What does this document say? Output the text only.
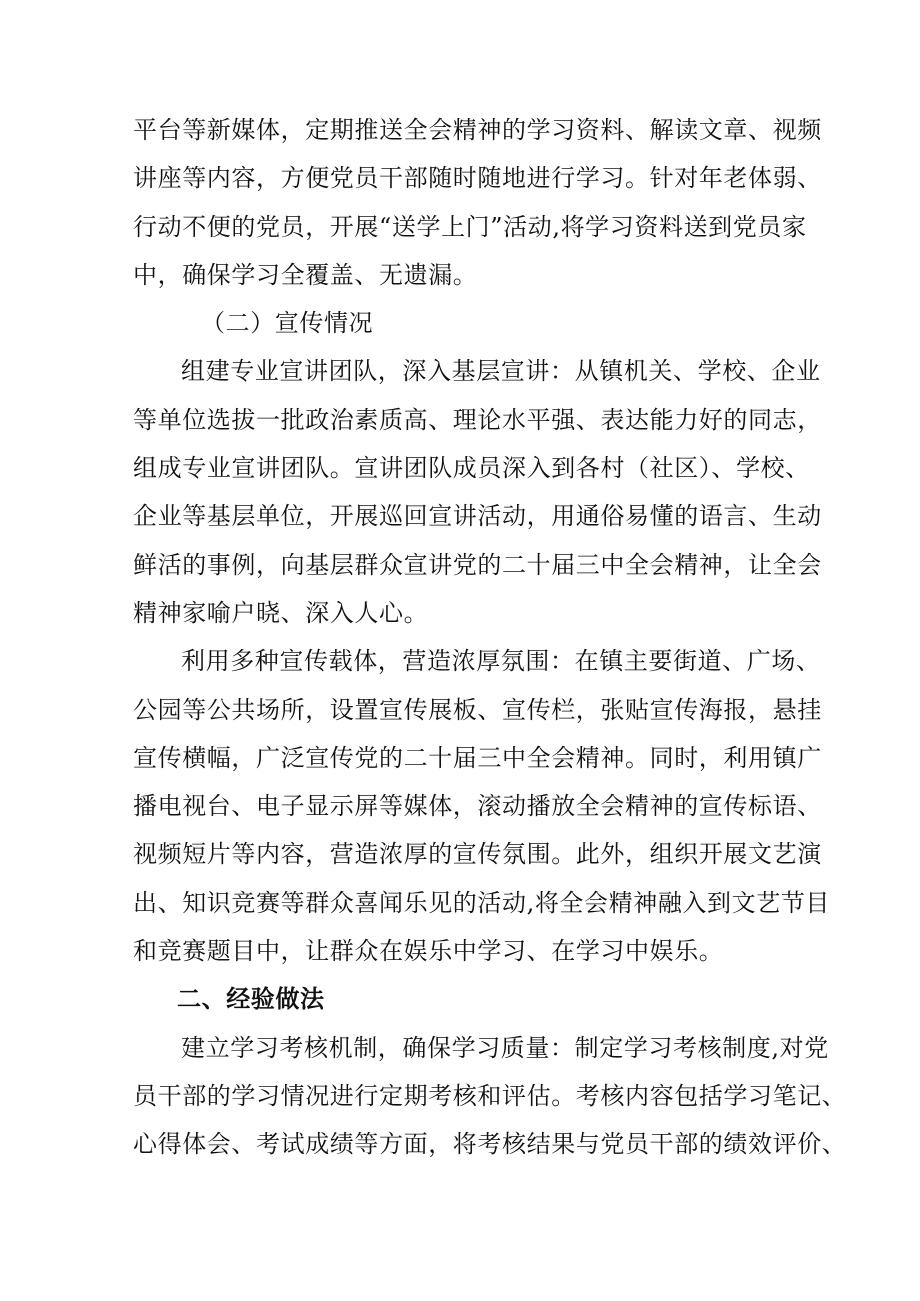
平台等新媒体，定期推送全会精神的学习资料、解读文章、视频
讲座等内容，方便党员干部随时随地进行学习。针对年老体弱、
行动不便的党员，开展“送学上门”活动,将学习资料送到党员家
中，确保学习全覆盖、无遗漏。
（二）宣传情况
组建专业宣讲团队，深入基层宣讲：从镇机关、学校、企业
等单位选拔一批政治素质高、理论水平强、表达能力好的同志，
组成专业宣讲团队。宣讲团队成员深入到各村（社区）、学校、
企业等基层单位，开展巡回宣讲活动，用通俗易懂的语言、生动
鲜活的事例，向基层群众宣讲党的二十届三中全会精神，让全会
精神家喻户晓、深入人心。
利用多种宣传载体，营造浓厚氛围：在镇主要街道、广场、
公园等公共场所，设置宣传展板、宣传栏，张贴宣传海报，悬挂
宣传横幅，广泛宣传党的二十届三中全会精神。同时，利用镇广
播电视台、电子显示屏等媒体，滚动播放全会精神的宣传标语、
视频短片等内容，营造浓厚的宣传氛围。此外，组织开展文艺演
出、知识竞赛等群众喜闻乐见的活动,将全会精神融入到文艺节目
和竞赛题目中，让群众在娱乐中学习、在学习中娱乐。
二、经验做法
建立学习考核机制，确保学习质量：制定学习考核制度,对党
员干部的学习情况进行定期考核和评估。考核内容包括学习笔记、
心得体会、考试成绩等方面，将考核结果与党员干部的绩效评价、
